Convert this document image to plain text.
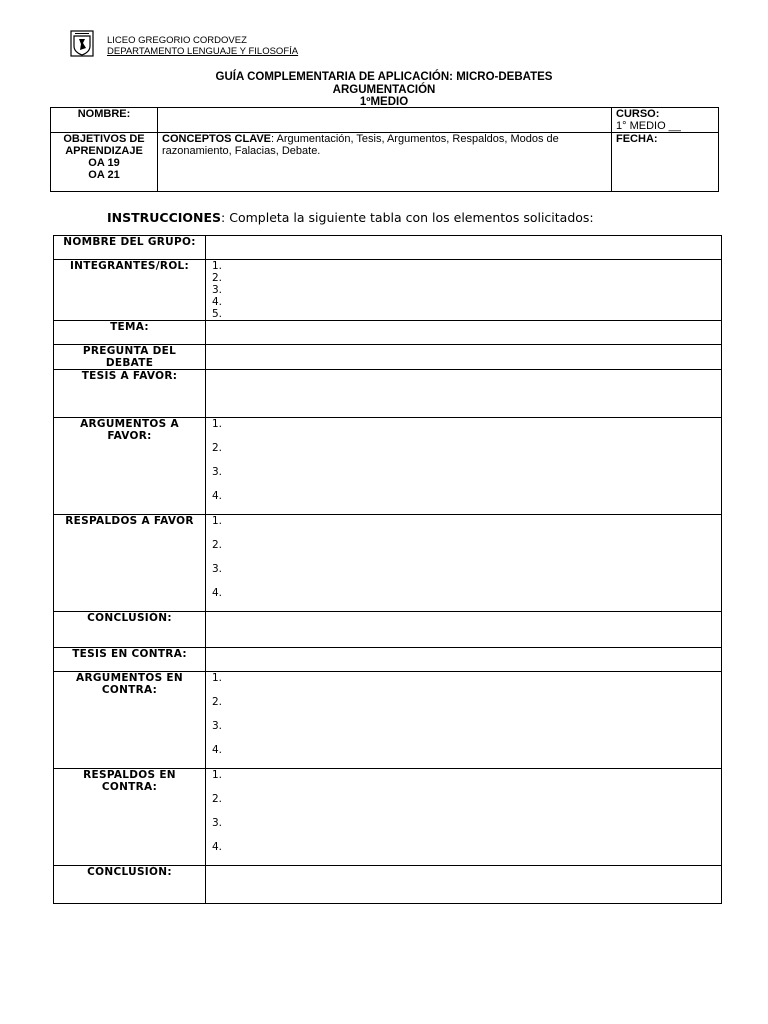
LICEO GREGORIO CORDOVEZ
DEPARTAMENTO LENGUAJE Y FILOSOFÍA
GUÍA COMPLEMENTARIA DE APLICACIÓN: MICRO-DEBATES
ARGUMENTACIÓN
1ºMEDIO
NOMBRE:		CURSO:
1° MEDIO __

OBJETIVOS DE APRENDIZAJE
OA 19
OA 21	CONCEPTOS CLAVE: Argumentación, Tesis, Argumentos, Respaldos, Modos de razonamiento, Falacias, Debate.	FECHA:
INSTRUCCIONES: Completa la siguiente tabla con los elementos solicitados:
NOMBRE DEL GRUPO:	
INTEGRANTES/ROL:	1.
2.
3.
4.
5.

TEMA:	
PREGUNTA DEL DEBATE	
TESIS A FAVOR:	
ARGUMENTOS A FAVOR:	1.
2.
3.
4.

RESPALDOS A FAVOR	1.
2.
3.
4.

CONCLUSIÓN:	
TESIS EN CONTRA:	
ARGUMENTOS EN CONTRA:	1.
2.
3.
4.

RESPALDOS EN CONTRA:	1.
2.
3.
4.

CONCLUSIÓN:	
